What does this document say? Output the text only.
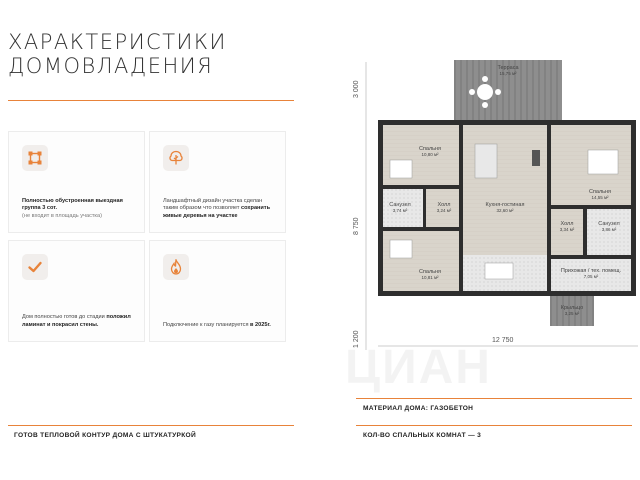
ХАРАКТЕРИСТИКИ
ДОМОВЛАДЕНИЯ
Полностью обустроенная выездная группа 3 сот.
(не входит в площадь участка)
Ландшафтный дизайн участка сделан таким образом что позволяет сохранить живые деревья на участке
Дом полностью готов до стадии положил ламинат и покрасил стены.	Подключение к газу планируется в 2025г.
ГОТОВ ТЕПЛОВОЙ КОНТУР ДОМА С ШТУКАТУРКОЙ
МАТЕРИАЛ ДОМА: ГАЗОБЕТОН
КОЛ-ВО СПАЛЬНЫХ КОМНАТ — 3
3 000
8 750
1 200	12 750
Терраса
15,75 м²
Спальня
10,80 м²
Санузел
3,74 м²
Холл
3,24 м²
Кухня-гостиная
32,60 м²
Спальня
14,55 м²
Холл
3,34 м²
Санузел
3,86 м²
Спальня
10,81 м²
Прихожая / тех. помещ.
7,05 м²
Крыльцо
3,25 м²
